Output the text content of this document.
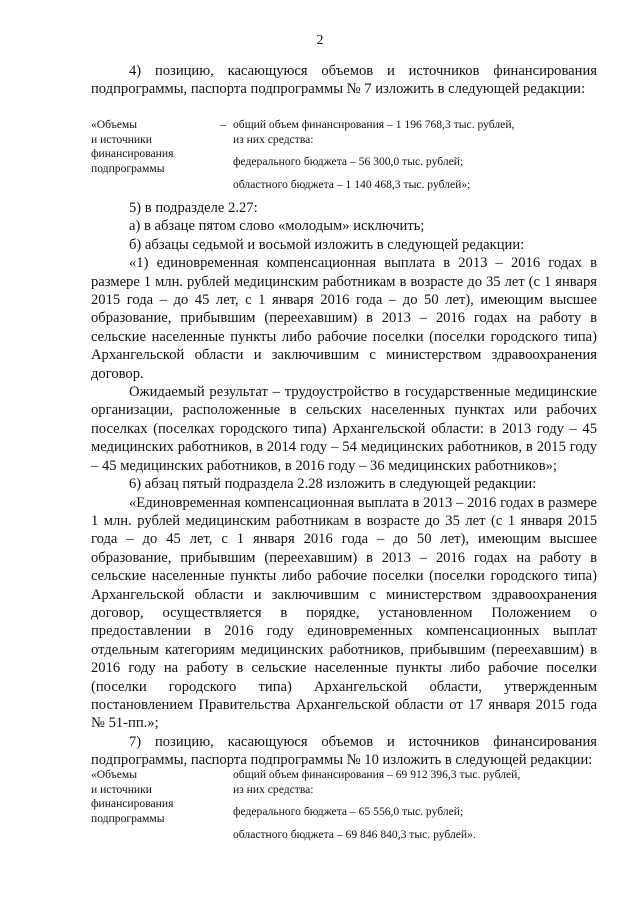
2

4) позицию, касающуюся объемов и источников финансирования подпрограммы, паспорта подпрограммы № 7 изложить в следующей редакции:

«Объемы
и источники
финансирования
подпрограммы
– общий объем финансирования – 1 196 768,3 тыс. рублей,
из них средства:
федерального бюджета – 56 300,0 тыс. рублей;
областного бюджета – 1 140 468,3 тыс. рублей»;

5) в подразделе 2.27:

а) в абзаце пятом слово «молодым» исключить;

б) абзацы седьмой и восьмой изложить в следующей редакции:

«1) единовременная компенсационная выплата в 2013 – 2016 годах в размере 1 млн. рублей медицинским работникам в возрасте до 35 лет (с 1 января 2015 года – до 45 лет, с 1 января 2016 года – до 50 лет), имеющим высшее образование, прибывшим (переехавшим) в 2013 – 2016 годах на работу в сельские населенные пункты либо рабочие поселки (поселки городского типа) Архангельской области и заключившим с министерством здравоохранения договор.

Ожидаемый результат – трудоустройство в государственные медицинские организации, расположенные в сельских населенных пунктах или рабочих поселках (поселках городского типа) Архангельской области: в 2013 году – 45 медицинских работников, в 2014 году – 54 медицинских работников, в 2015 году – 45 медицинских работников, в 2016 году – 36 медицинских работников»;

6) абзац пятый подраздела 2.28 изложить в следующей редакции:

«Единовременная компенсационная выплата в 2013 – 2016 годах в размере 1 млн. рублей медицинским работникам в возрасте до 35 лет (с 1 января 2015 года – до 45 лет, с 1 января 2016 года – до 50 лет), имеющим высшее образование, прибывшим (переехавшим) в 2013 – 2016 годах на работу в сельские населенные пункты либо рабочие поселки (поселки городского типа) Архангельской области и заключившим с министерством здравоохранения договор, осуществляется в порядке, установленном Положением о предоставлении в 2016 году единовременных компенсационных выплат отдельным категориям медицинских работников, прибывшим (переехавшим) в 2016 году на работу в сельские населенные пункты либо рабочие поселки (поселки городского типа) Архангельской области, утвержденным постановлением Правительства Архангельской области от 17 января 2015 года № 51-пп.»;

7) позицию, касающуюся объемов и источников финансирования подпрограммы, паспорта подпрограммы № 10 изложить в следующей редакции:

«Объемы
и источники
финансирования
подпрограммы
общий объем финансирования – 69 912 396,3 тыс. рублей,
из них средства:
федерального бюджета – 65 556,0 тыс. рублей;
областного бюджета – 69 846 840,3 тыс. рублей».
